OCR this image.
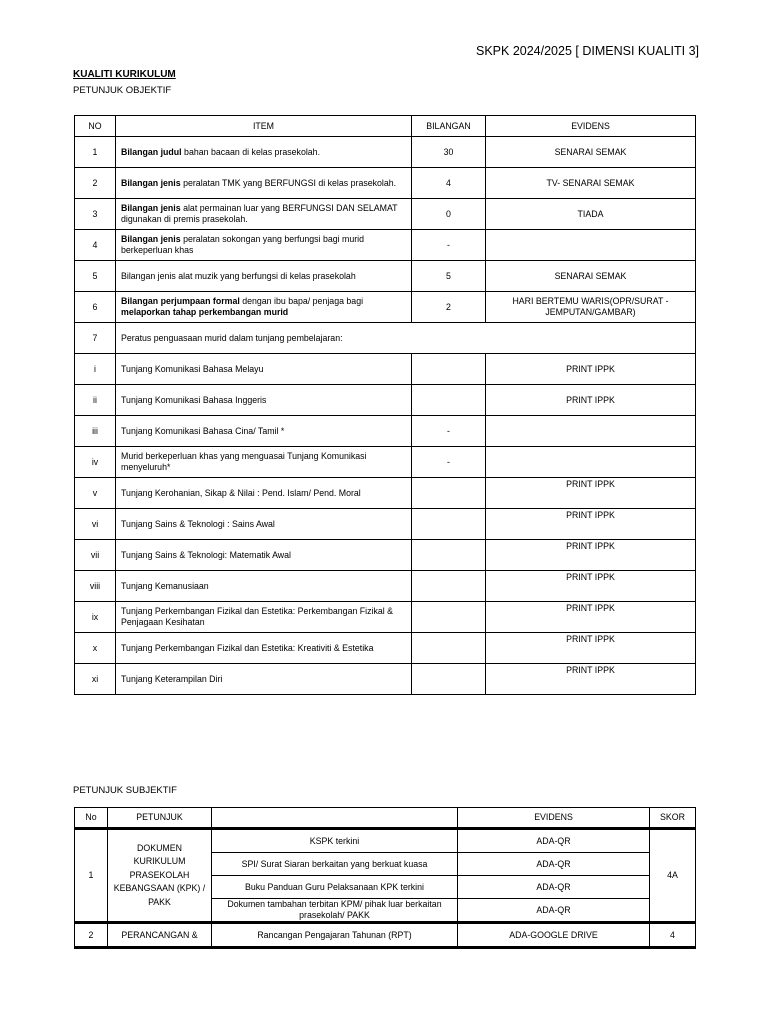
SKPK 2024/2025 [ DIMENSI KUALITI 3]
KUALITI KURIKULUM
PETUNJUK OBJEKTIF
NO	ITEM	BILANGAN	EVIDENS
1	Bilangan judul bahan bacaan di kelas prasekolah.	30	SENARAI SEMAK
2	Bilangan jenis peralatan TMK yang BERFUNGSI di kelas prasekolah.	4	TV- SENARAI SEMAK
3	Bilangan jenis alat permainan luar yang BERFUNGSI DAN SELAMAT digunakan di premis prasekolah.	0	TIADA
4	Bilangan jenis peralatan sokongan yang berfungsi bagi murid berkeperluan khas	-	
5	Bilangan jenis alat muzik yang berfungsi di kelas prasekolah	5	SENARAI SEMAK
6	Bilangan perjumpaan formal dengan ibu bapa/ penjaga bagi melaporkan tahap perkembangan murid	2	HARI BERTEMU WARIS(OPR/SURAT -JEMPUTAN/GAMBAR)
7	Peratus penguasaan murid dalam tunjang pembelajaran:		
i	Tunjang Komunikasi Bahasa Melayu		PRINT IPPK
ii	Tunjang Komunikasi Bahasa Inggeris		PRINT IPPK
iii	Tunjang Komunikasi Bahasa Cina/ Tamil *	-	
iv	Murid berkeperluan khas yang menguasai Tunjang Komunikasi menyeluruh*	-	
v	Tunjang Kerohanian, Sikap & Nilai : Pend. Islam/ Pend. Moral		PRINT IPPK
vi	Tunjang Sains & Teknologi : Sains Awal		PRINT IPPK
vii	Tunjang Sains & Teknologi: Matematik Awal		PRINT IPPK
viii	Tunjang Kemanusiaan		PRINT IPPK
ix	Tunjang Perkembangan Fizikal dan Estetika: Perkembangan Fizikal & Penjagaan Kesihatan		PRINT IPPK
x	Tunjang Perkembangan Fizikal dan Estetika: Kreativiti & Estetika		PRINT IPPK
xi	Tunjang Keterampilan Diri		PRINT IPPK
PETUNJUK SUBJEKTIF
No	PETUNJUK		EVIDENS	SKOR
1	DOKUMEN KURIKULUM PRASEKOLAH KEBANGSAAN (KPK) / PAKK	KSPK terkini	ADA-QR	4A
		SPI/ Surat Siaran berkaitan yang berkuat kuasa	ADA-QR	
		Buku Panduan Guru Pelaksanaan KPK terkini	ADA-QR	
		Dokumen tambahan terbitan KPM/ pihak luar berkaitan prasekolah/ PAKK	ADA-QR	
2	PERANCANGAN &	Rancangan Pengajaran Tahunan (RPT)	ADA-GOOGLE DRIVE	4
